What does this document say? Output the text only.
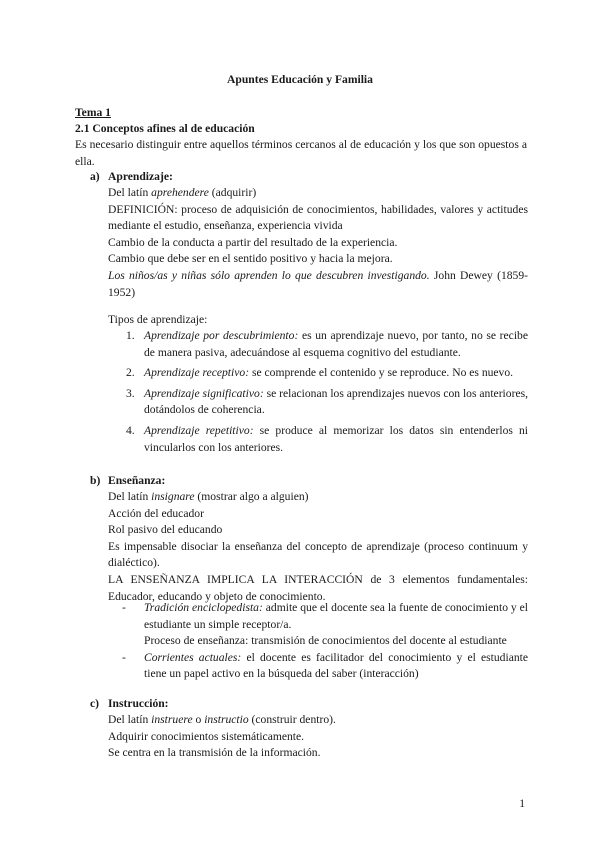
Apuntes Educación y Familia
Tema 1
2.1 Conceptos afines al de educación
Es necesario distinguir entre aquellos términos cercanos al de educación y los que son opuestos a ella.
a) Aprendizaje:

Del latín aprehendere (adquirir)

DEFINICIÓN: proceso de adquisición de conocimientos, habilidades, valores y actitudes mediante el estudio, enseñanza, experiencia vivida

Cambio de la conducta a partir del resultado de la experiencia.

Cambio que debe ser en el sentido positivo y hacia la mejora.

Los niños/as y niñas sólo aprenden lo que descubren investigando. John Dewey (1859-1952)

Tipos de aprendizaje:
1. Aprendizaje por descubrimiento: es un aprendizaje nuevo, por tanto, no se recibe de manera pasiva, adecuándose al esquema cognitivo del estudiante.
2. Aprendizaje receptivo: se comprende el contenido y se reproduce. No es nuevo.
3. Aprendizaje significativo: se relacionan los aprendizajes nuevos con los anteriores, dotándolos de coherencia.
4. Aprendizaje repetitivo: se produce al memorizar los datos sin entenderlos ni vincularlos con los anteriores.
b) Enseñanza:

Del latín insignare (mostrar algo a alguien)

Acción del educador

Rol pasivo del educando

Es impensable disociar la enseñanza del concepto de aprendizaje (proceso continuum y dialéctico).

LA ENSEÑANZA IMPLICA LA INTERACCIÓN de 3 elementos fundamentales: Educador, educando y objeto de conocimiento.

- Tradición enciclopedista: admite que el docente sea la fuente de conocimiento y el estudiante un simple receptor/a.
Proceso de enseñanza: transmisión de conocimientos del docente al estudiante
- Corrientes actuales: el docente es facilitador del conocimiento y el estudiante tiene un papel activo en la búsqueda del saber (interacción)
c) Instrucción:

Del latín instruere o instructio (construir dentro).

Adquirir conocimientos sistemáticamente.

Se centra en la transmisión de la información.

1
